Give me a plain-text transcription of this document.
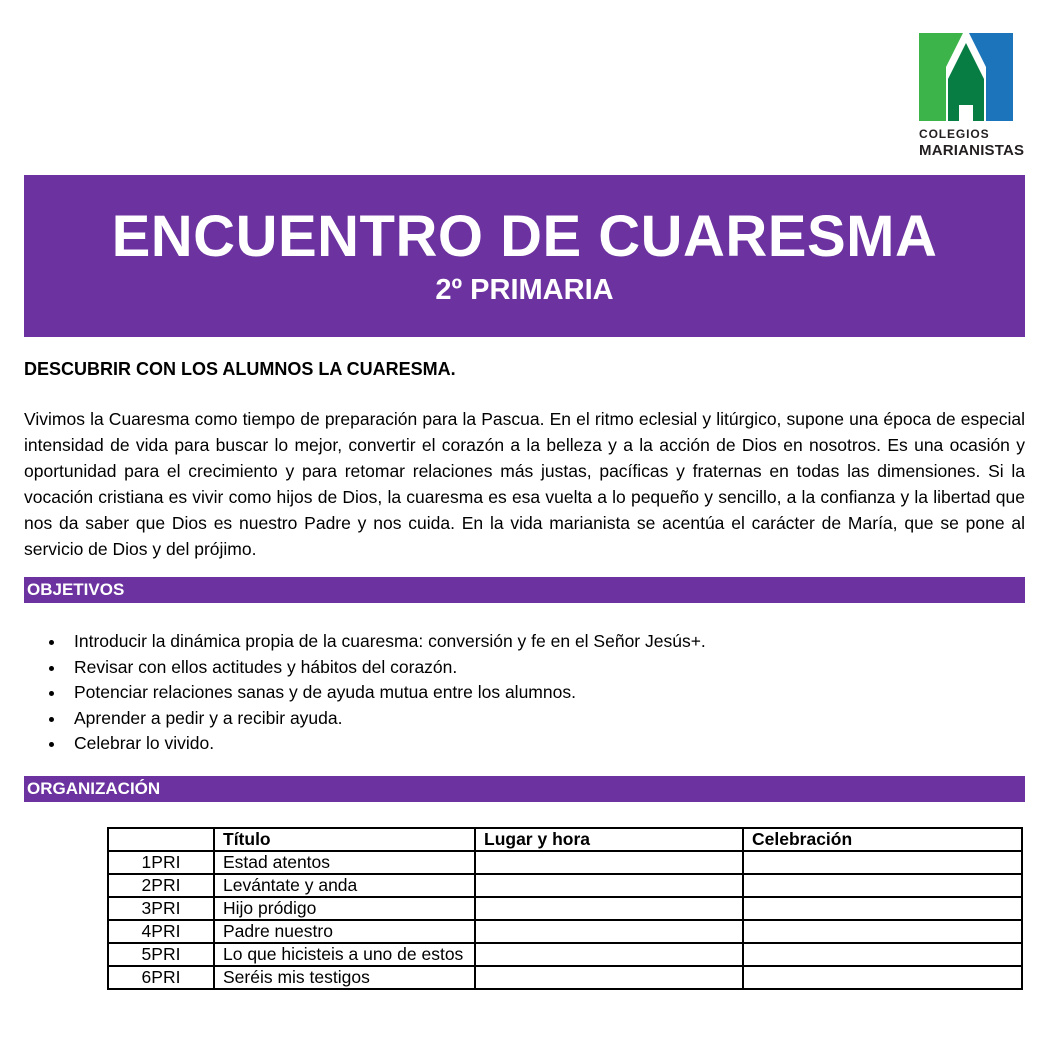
COLEGIOS
MARIANISTAS
ENCUENTRO DE CUARESMA
2º PRIMARIA
DESCUBRIR CON LOS ALUMNOS LA CUARESMA.
Vivimos la Cuaresma como tiempo de preparación para la Pascua. En el ritmo eclesial y litúrgico, supone una época de especial intensidad de vida para buscar lo mejor, convertir el corazón a la belleza y a la acción de Dios en nosotros. Es una ocasión y oportunidad para el crecimiento y para retomar relaciones más justas, pacíficas y fraternas en todas las dimensiones. Si la vocación cristiana es vivir como hijos de Dios, la cuaresma es esa vuelta a lo pequeño y sencillo, a la confianza y la libertad que nos da saber que Dios es nuestro Padre y nos cuida. En la vida marianista se acentúa el carácter de María, que se pone al servicio de Dios y del prójimo.
OBJETIVOS
• Introducir la dinámica propia de la cuaresma: conversión y fe en el Señor Jesús+.
• Revisar con ellos actitudes y hábitos del corazón.
• Potenciar relaciones sanas y de ayuda mutua entre los alumnos.
• Aprender a pedir y a recibir ayuda.
• Celebrar lo vivido.
ORGANIZACIÓN
	Título	Lugar y hora	Celebración
1PRI	Estad atentos		
2PRI	Levántate y anda		
3PRI	Hijo pródigo		
4PRI	Padre nuestro		
5PRI	Lo que hicisteis a uno de estos		
6PRI	Seréis mis testigos		
